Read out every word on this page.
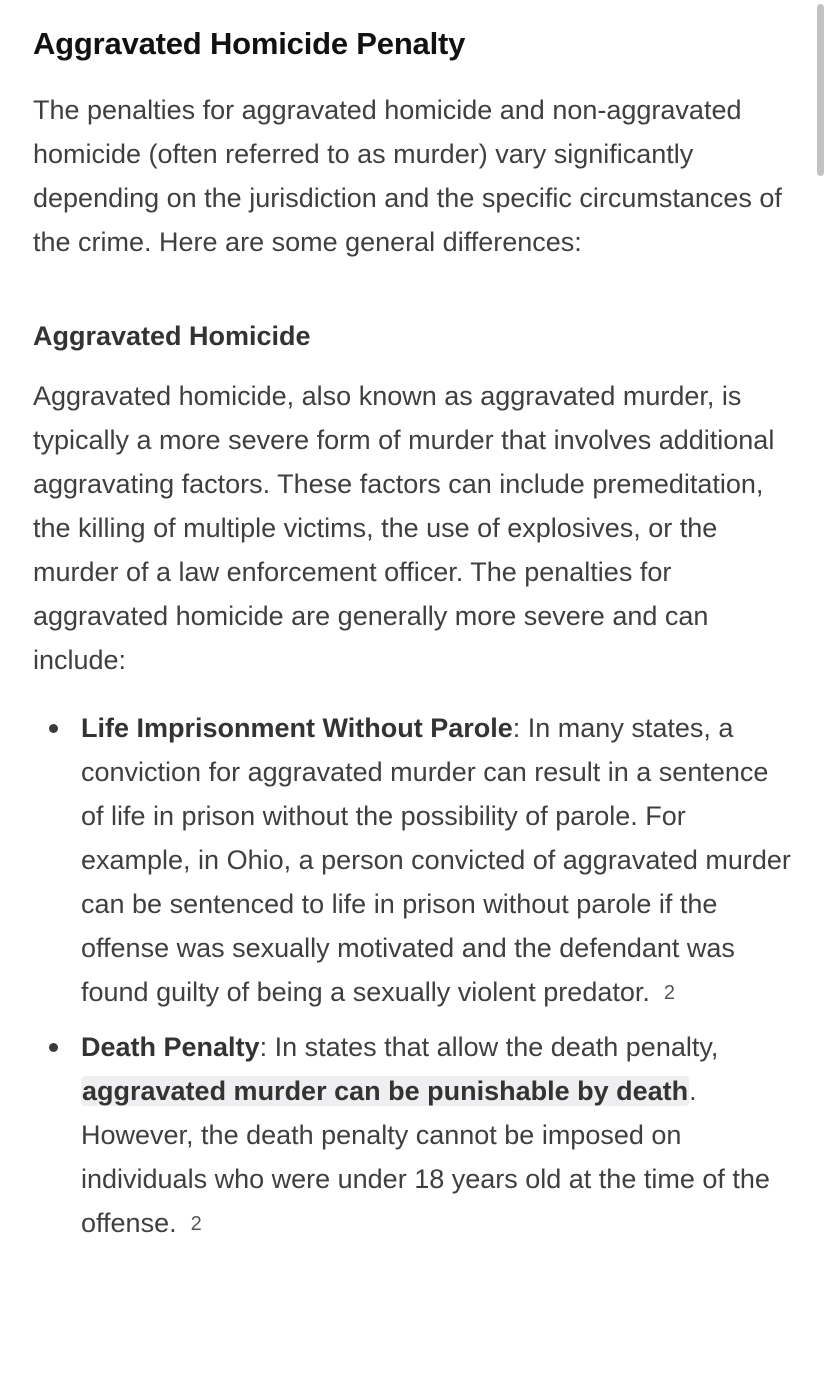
Aggravated Homicide Penalty

The penalties for aggravated homicide and non-aggravated homicide (often referred to as murder) vary significantly depending on the jurisdiction and the specific circumstances of the crime. Here are some general differences:

Aggravated Homicide

Aggravated homicide, also known as aggravated murder, is typically a more severe form of murder that involves additional aggravating factors. These factors can include premeditation, the killing of multiple victims, the use of explosives, or the murder of a law enforcement officer. The penalties for aggravated homicide are generally more severe and can include:

Life Imprisonment Without Parole: In many states, a conviction for aggravated murder can result in a sentence of life in prison without the possibility of parole. For example, in Ohio, a person convicted of aggravated murder can be sentenced to life in prison without parole if the offense was sexually motivated and the defendant was found guilty of being a sexually violent predator. 2
Death Penalty: In states that allow the death penalty, aggravated murder can be punishable by death. However, the death penalty cannot be imposed on individuals who were under 18 years old at the time of the offense. 2
